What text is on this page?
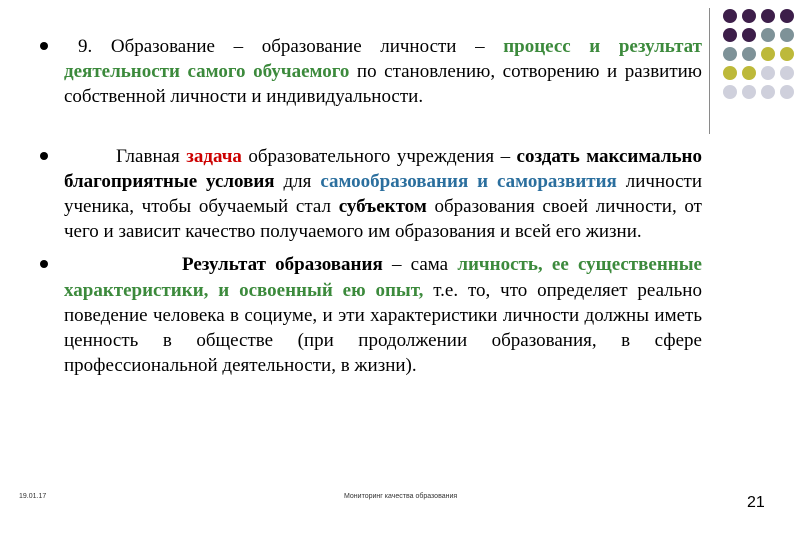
9. Образование – образование личности – процесс и результат деятельности самого обучаемого по становлению, сотворению и развитию собственной личности и индивидуальности.
Главная задача образовательного учреждения – создать максимально благоприятные условия для самообразования и саморазвития личности ученика, чтобы обучаемый стал субъектом образования своей личности, от чего и зависит качество получаемого им образования и всей его жизни.
Результат образования – сама личность, ее существенные характеристики, и освоенный ею опыт, т.е. то, что определяет реально поведение человека в социуме, и эти характеристики личности должны иметь ценность в обществе (при продолжении образования, в сфере профессиональной деятельности, в жизни).
19.01.17	Мониторинг качества образования	21
